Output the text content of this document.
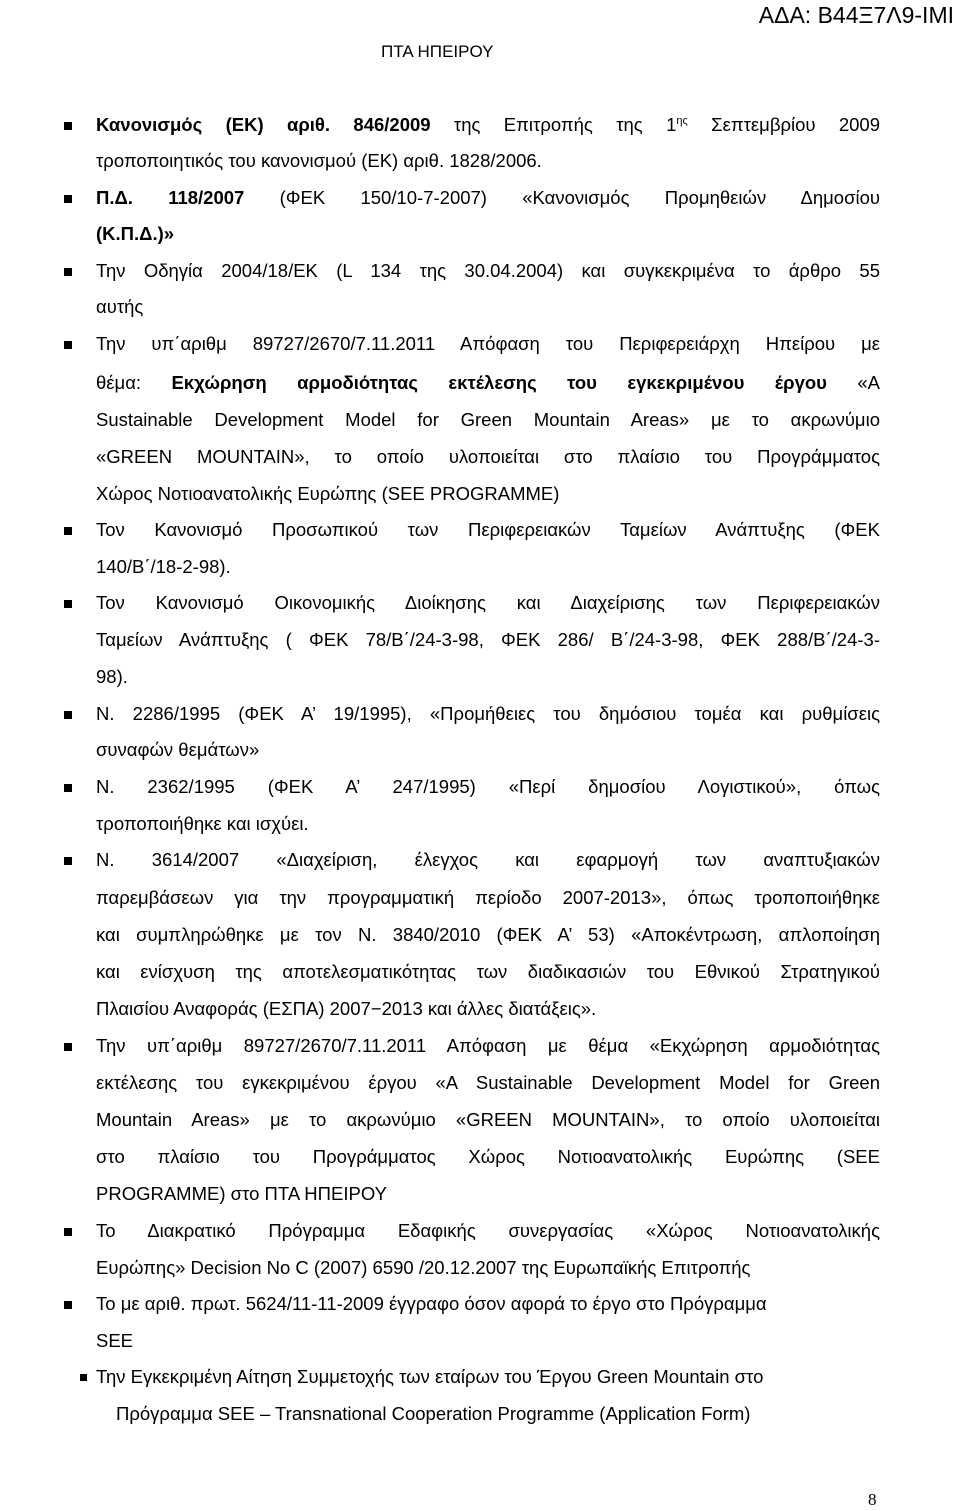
ΑΔΑ: Β44Ξ7Λ9-ΙΜΙ
ΠΤΑ ΗΠΕΙΡΟΥ
Κανονισμός (ΕΚ) αριθ. 846/2009 της Επιτροπής της $1^{\eta\varsigma}$ Σεπτεμβρίου 2009
τροποποιητικός του κανονισμού (ΕΚ) αριθ. 1828/2006.
Π.Δ. 118/2007 (ΦΕΚ 150/10-7-2007) «Κανονισμός Προμηθειών Δημοσίου
(Κ.Π.Δ.)»
Την Οδηγία 2004/18/ΕΚ (L 134 της 30.04.2004) και συγκεκριμένα το άρθρο 55
αυτής
Την υπ΄αριθμ 89727/2670/7.11.2011 Απόφαση του Περιφερειάρχη Ηπείρου με
θέμα: Εκχώρηση αρμοδιότητας εκτέλεσης του εγκεκριμένου έργου «A
Sustainable Development Model for Green Mountain Areas» με το ακρωνύμιο
«GREEN MOUNTAIN», το οποίο υλοποιείται στο πλαίσιο του Προγράμματος
Χώρος Νοτιοανατολικής Ευρώπης (SEE PROGRAMME)
Τον Κανονισμό Προσωπικού των Περιφερειακών Ταμείων Ανάπτυξης (ΦΕΚ
140/Β΄/18-2-98).
Τον Κανονισμό Οικονομικής Διοίκησης και Διαχείρισης των Περιφερειακών
Ταμείων Ανάπτυξης ( ΦΕΚ 78/Β΄/24-3-98, ΦΕΚ 286/ Β΄/24-3-98, ΦΕΚ 288/Β΄/24-3-
98).
Ν. 2286/1995 (ΦΕΚ Α’ 19/1995), «Προμήθειες του δημόσιου τομέα και ρυθμίσεις
συναφών θεμάτων»
Ν. 2362/1995 (ΦΕΚ Α’ 247/1995) «Περί δημοσίου Λογιστικού», όπως
τροποποιήθηκε και ισχύει.
Ν. 3614/2007 «Διαχείριση, έλεγχος και εφαρμογή των αναπτυξιακών
παρεμβάσεων για την προγραμματική περίοδο 2007-2013», όπως τροποποιήθηκε
και συμπληρώθηκε με τον Ν. 3840/2010 (ΦΕΚ Α’ 53) «Αποκέντρωση, απλοποίηση
και ενίσχυση της αποτελεσματικότητας των διαδικασιών του Εθνικού Στρατηγικού
Πλαισίου Αναφοράς (ΕΣΠΑ) 2007−2013 και άλλες διατάξεις».
Την υπ΄αριθμ 89727/2670/7.11.2011 Απόφαση με θέμα «Εκχώρηση αρμοδιότητας
εκτέλεσης του εγκεκριμένου έργου «A Sustainable Development Model for Green
Mountain Areas» με το ακρωνύμιο «GREEN MOUNTAIN», το οποίο υλοποιείται
στο πλαίσιο του Προγράμματος Χώρος Νοτιοανατολικής Ευρώπης (SEE
PROGRAMME) στο ΠΤΑ ΗΠΕΙΡΟΥ
Το Διακρατικό Πρόγραμμα Εδαφικής συνεργασίας «Χώρος Νοτιοανατολικής
Ευρώπης» Decision No C (2007) 6590 /20.12.2007 της Ευρωπαϊκής Επιτροπής
Το με αριθ. πρωτ. 5624/11-11-2009 έγγραφο όσον αφορά το έργο στο Πρόγραμμα
SEE
Την Εγκεκριμένη Αίτηση Συμμετοχής των εταίρων του Έργου Green Mountain στο
Πρόγραμμα SEE – Transnational Cooperation Programme (Application Form)
8
